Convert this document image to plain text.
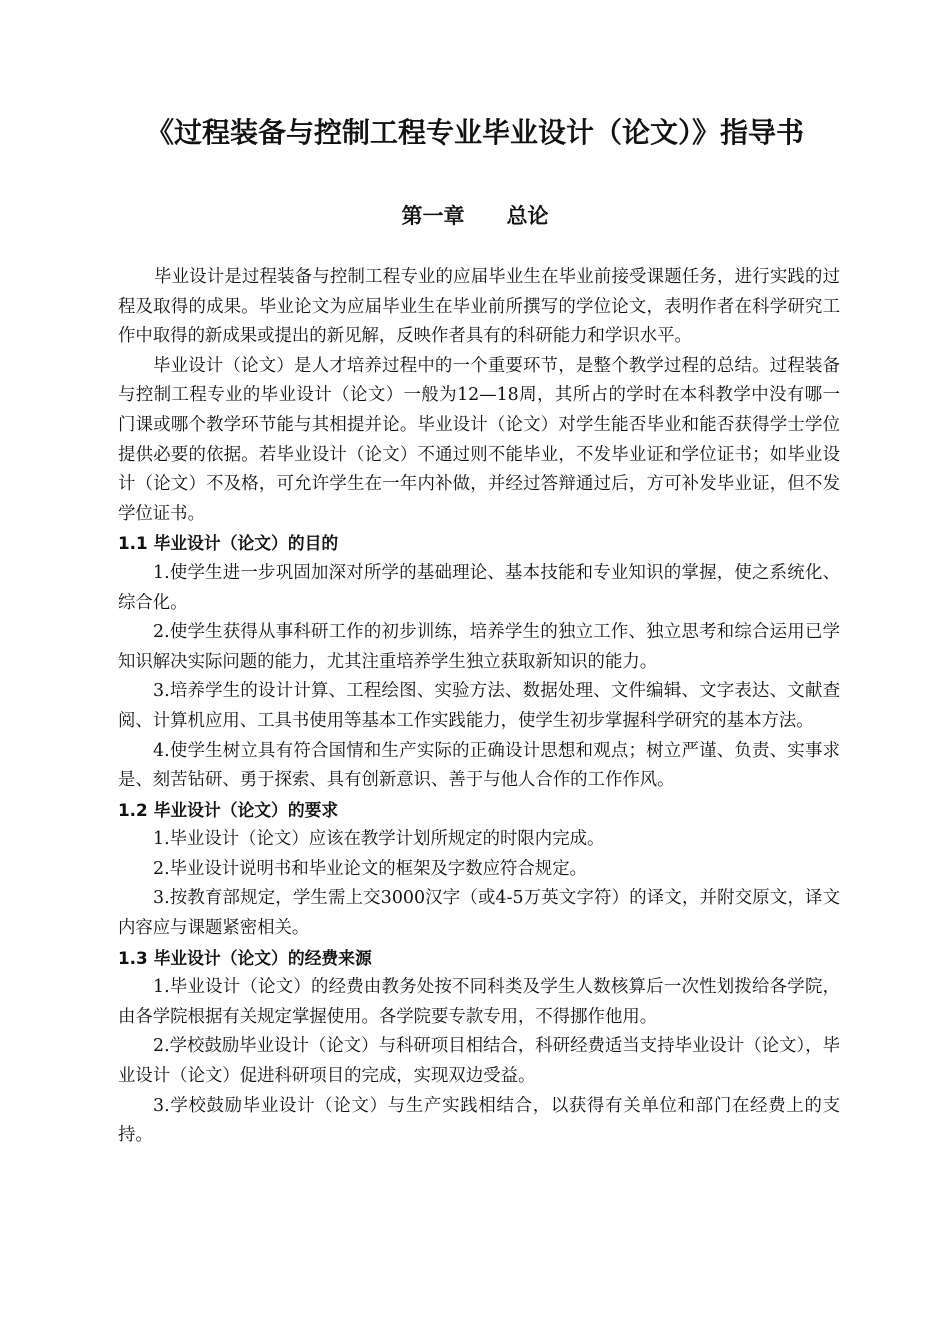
《过程装备与控制工程专业毕业设计（论文）》指导书
第一章　　总论

毕业设计是过程装备与控制工程专业的应届毕业生在毕业前接受课题任务，进行实践的过程及取得的成果。毕业论文为应届毕业生在毕业前所撰写的学位论文，表明作者在科学研究工作中取得的新成果或提出的新见解，反映作者具有的科研能力和学识水平。

毕业设计（论文）是人才培养过程中的一个重要环节，是整个教学过程的总结。过程装备与控制工程专业的毕业设计（论文）一般为12—18周，其所占的学时在本科教学中没有哪一门课或哪个教学环节能与其相提并论。毕业设计（论文）对学生能否毕业和能否获得学士学位提供必要的依据。若毕业设计（论文）不通过则不能毕业，不发毕业证和学位证书；如毕业设计（论文）不及格，可允许学生在一年内补做，并经过答辩通过后，方可补发毕业证，但不发学位证书。

1.1 毕业设计（论文）的目的

1.使学生进一步巩固加深对所学的基础理论、基本技能和专业知识的掌握，使之系统化、综合化。

2.使学生获得从事科研工作的初步训练，培养学生的独立工作、独立思考和综合运用已学知识解决实际问题的能力，尤其注重培养学生独立获取新知识的能力。

3.培养学生的设计计算、工程绘图、实验方法、数据处理、文件编辑、文字表达、文献查阅、计算机应用、工具书使用等基本工作实践能力，使学生初步掌握科学研究的基本方法。

4.使学生树立具有符合国情和生产实际的正确设计思想和观点；树立严谨、负责、实事求是、刻苦钻研、勇于探索、具有创新意识、善于与他人合作的工作作风。

1.2 毕业设计（论文）的要求

1.毕业设计（论文）应该在教学计划所规定的时限内完成。

2.毕业设计说明书和毕业论文的框架及字数应符合规定。

3.按教育部规定，学生需上交3000汉字（或4-5万英文字符）的译文，并附交原文，译文内容应与课题紧密相关。

1.3 毕业设计（论文）的经费来源

1.毕业设计（论文）的经费由教务处按不同科类及学生人数核算后一次性划拨给各学院，由各学院根据有关规定掌握使用。各学院要专款专用，不得挪作他用。

2.学校鼓励毕业设计（论文）与科研项目相结合，科研经费适当支持毕业设计（论文），毕业设计（论文）促进科研项目的完成，实现双边受益。

3.学校鼓励毕业设计（论文）与生产实践相结合，以获得有关单位和部门在经费上的支持。
